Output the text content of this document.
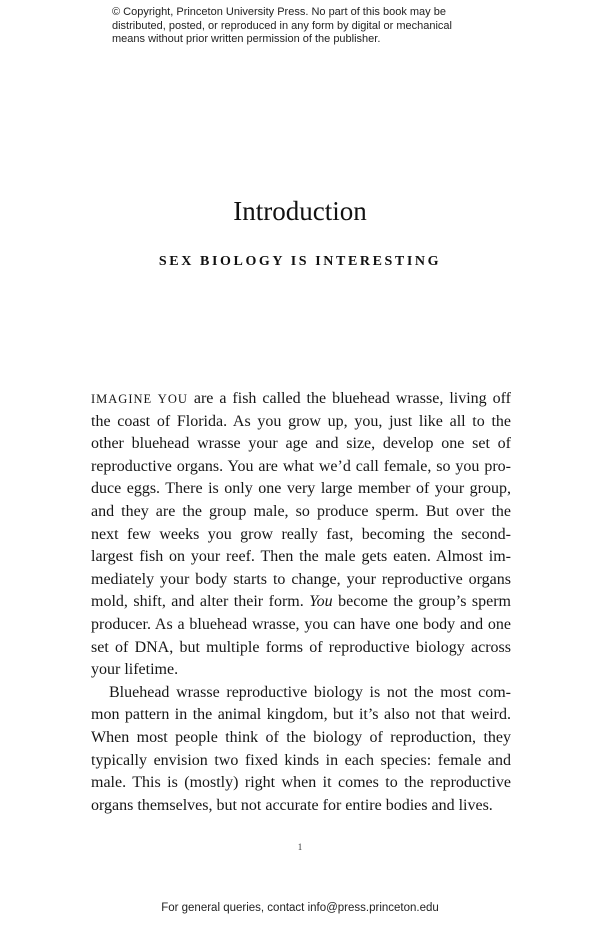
© Copyright, Princeton University Press. No part of this book may be
distributed, posted, or reproduced in any form by digital or mechanical
means without prior written permission of the publisher.
Introduction
SEX BIOLOGY IS INTERESTING
IMAGINE YOU are a fish called the bluehead wrasse, living off
the coast of Florida. As you grow up, you, just like all to the
other bluehead wrasse your age and size, develop one set of
reproductive organs. You are what we’d call female, so you pro-
duce eggs. There is only one very large member of your group,
and they are the group male, so produce sperm. But over the
next few weeks you grow really fast, becoming the second-
largest fish on your reef. Then the male gets eaten. Almost im-
mediately your body starts to change, your reproductive organs
mold, shift, and alter their form. You become the group’s sperm
producer. As a bluehead wrasse, you can have one body and one
set of DNA, but multiple forms of reproductive biology across
your lifetime.
Bluehead wrasse reproductive biology is not the most com-
mon pattern in the animal kingdom, but it’s also not that weird.
When most people think of the biology of reproduction, they
typically envision two fixed kinds in each species: female and
male. This is (mostly) right when it comes to the reproductive
organs themselves, but not accurate for entire bodies and lives.
1
For general queries, contact info@press.princeton.edu
